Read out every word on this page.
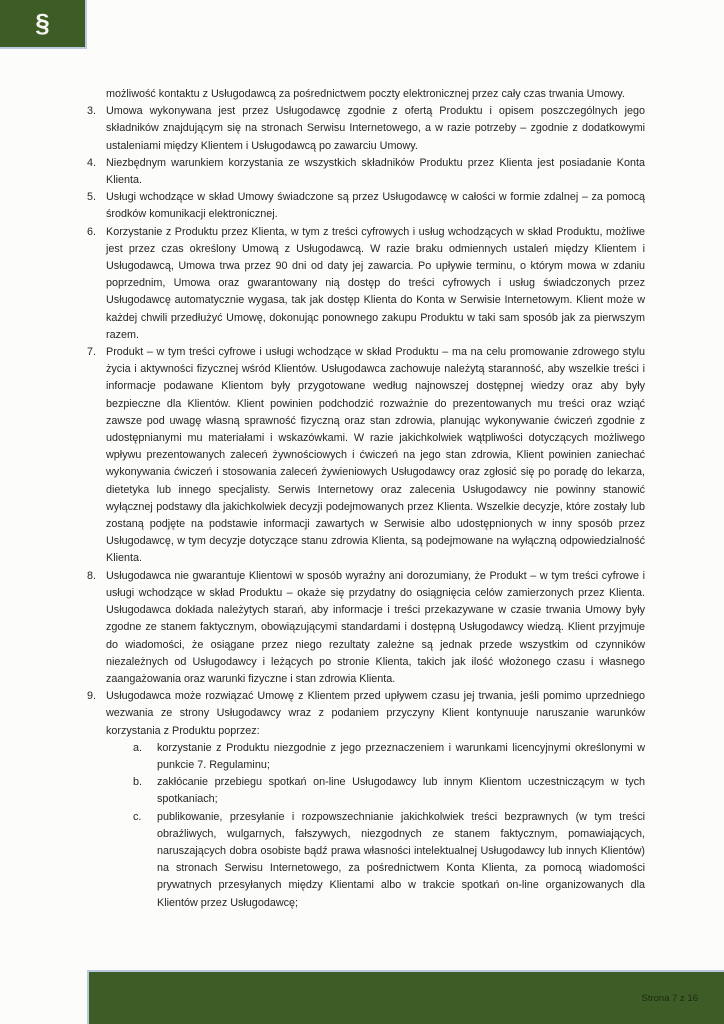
§

możliwość kontaktu z Usługodawcą za pośrednictwem poczty elektronicznej przez cały czas trwania Umowy.

3. Umowa wykonywana jest przez Usługodawcę zgodnie z ofertą Produktu i opisem poszczególnych jego składników znajdującym się na stronach Serwisu Internetowego, a w razie potrzeby – zgodnie z dodatkowymi ustaleniami między Klientem i Usługodawcą po zawarciu Umowy.
4. Niezbędnym warunkiem korzystania ze wszystkich składników Produktu przez Klienta jest posiadanie Konta Klienta.
5. Usługi wchodzące w skład Umowy świadczone są przez Usługodawcę w całości w formie zdalnej – za pomocą środków komunikacji elektronicznej.
6. Korzystanie z Produktu przez Klienta, w tym z treści cyfrowych i usług wchodzących w skład Produktu, możliwe jest przez czas określony Umową z Usługodawcą. W razie braku odmiennych ustaleń między Klientem i Usługodawcą, Umowa trwa przez 90 dni od daty jej zawarcia. Po upływie terminu, o którym mowa w zdaniu poprzednim, Umowa oraz gwarantowany nią dostęp do treści cyfrowych i usług świadczonych przez Usługodawcę automatycznie wygasa, tak jak dostęp Klienta do Konta w Serwisie Internetowym. Klient może w każdej chwili przedłużyć Umowę, dokonując ponownego zakupu Produktu w taki sam sposób jak za pierwszym razem.
7. Produkt – w tym treści cyfrowe i usługi wchodzące w skład Produktu – ma na celu promowanie zdrowego stylu życia i aktywności fizycznej wśród Klientów. Usługodawca zachowuje należytą staranność, aby wszelkie treści i informacje podawane Klientom były przygotowane według najnowszej dostępnej wiedzy oraz aby były bezpieczne dla Klientów. Klient powinien podchodzić rozważnie do prezentowanych mu treści oraz wziąć zawsze pod uwagę własną sprawność fizyczną oraz stan zdrowia, planując wykonywanie ćwiczeń zgodnie z udostępnianymi mu materiałami i wskazówkami. W razie jakichkolwiek wątpliwości dotyczących możliwego wpływu prezentowanych zaleceń żywnościowych i ćwiczeń na jego stan zdrowia, Klient powinien zaniechać wykonywania ćwiczeń i stosowania zaleceń żywieniowych Usługodawcy oraz zgłosić się po poradę do lekarza, dietetyka lub innego specjalisty. Serwis Internetowy oraz zalecenia Usługodawcy nie powinny stanowić wyłącznej podstawy dla jakichkolwiek decyzji podejmowanych przez Klienta. Wszelkie decyzje, które zostały lub zostaną podjęte na podstawie informacji zawartych w Serwisie albo udostępnionych w inny sposób przez Usługodawcę, w tym decyzje dotyczące stanu zdrowia Klienta, są podejmowane na wyłączną odpowiedzialność Klienta.
8. Usługodawca nie gwarantuje Klientowi w sposób wyraźny ani dorozumiany, że Produkt – w tym treści cyfrowe i usługi wchodzące w skład Produktu – okaże się przydatny do osiągnięcia celów zamierzonych przez Klienta. Usługodawca dokłada należytych starań, aby informacje i treści przekazywane w czasie trwania Umowy były zgodne ze stanem faktycznym, obowiązującymi standardami i dostępną Usługodawcy wiedzą. Klient przyjmuje do wiadomości, że osiągane przez niego rezultaty zależne są jednak przede wszystkim od czynników niezależnych od Usługodawcy i leżących po stronie Klienta, takich jak ilość włożonego czasu i własnego zaangażowania oraz warunki fizyczne i stan zdrowia Klienta.
9. Usługodawca może rozwiązać Umowę z Klientem przed upływem czasu jej trwania, jeśli pomimo uprzedniego wezwania ze strony Usługodawcy wraz z podaniem przyczyny Klient kontynuuje naruszanie warunków korzystania z Produktu poprzez:
a.	korzystanie z Produktu niezgodnie z jego przeznaczeniem i warunkami licencyjnymi określonymi w punkcie 7. Regulaminu;
b.	zakłócanie przebiegu spotkań on-line Usługodawcy lub innym Klientom uczestniczącym w tych spotkaniach;
c.	publikowanie, przesyłanie i rozpowszechnianie jakichkolwiek treści bezprawnych (w tym treści obraźliwych, wulgarnych, fałszywych, niezgodnych ze stanem faktycznym, pomawiających, naruszających dobra osobiste bądź prawa własności intelektualnej Usługodawcy lub innych Klientów) na stronach Serwisu Internetowego, za pośrednictwem Konta Klienta, za pomocą wiadomości prywatnych przesyłanych między Klientami albo w trakcie spotkań on-line organizowanych dla Klientów przez Usługodawcę;
Strona 7 z 16
